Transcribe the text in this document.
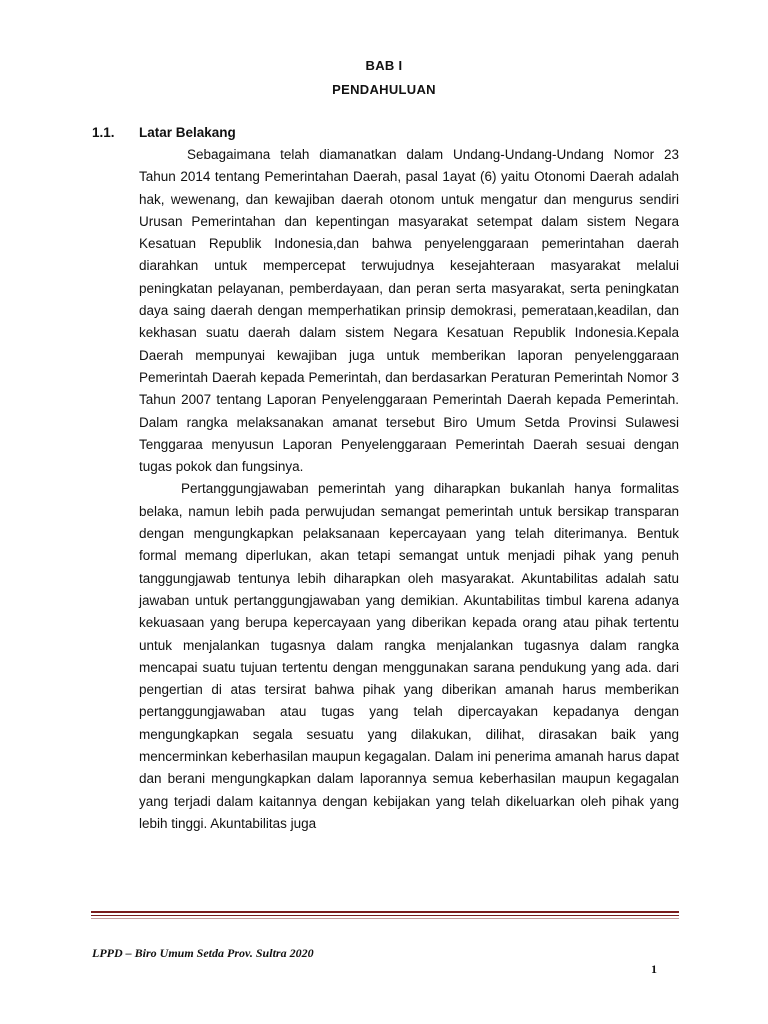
BAB I
PENDAHULUAN
1.1. Latar Belakang

Sebagaimana telah diamanatkan dalam Undang-Undang-Undang Nomor 23 Tahun 2014 tentang Pemerintahan Daerah, pasal 1ayat (6) yaitu Otonomi Daerah adalah hak, wewenang, dan kewajiban daerah otonom untuk mengatur dan mengurus sendiri Urusan Pemerintahan dan kepentingan masyarakat setempat dalam sistem Negara Kesatuan Republik Indonesia,dan bahwa penyelenggaraan pemerintahan daerah diarahkan untuk mempercepat terwujudnya kesejahteraan masyarakat melalui peningkatan pelayanan, pemberdayaan, dan peran serta masyarakat, serta peningkatan daya saing daerah dengan memperhatikan prinsip demokrasi, pemerataan,keadilan, dan kekhasan suatu daerah dalam sistem Negara Kesatuan Republik Indonesia.Kepala Daerah mempunyai kewajiban juga untuk memberikan laporan penyelenggaraan Pemerintah Daerah kepada Pemerintah, dan berdasarkan Peraturan Pemerintah Nomor 3 Tahun 2007 tentang Laporan Penyelenggaraan Pemerintah Daerah kepada Pemerintah. Dalam rangka melaksanakan amanat tersebut Biro Umum Setda Provinsi Sulawesi Tenggaraa menyusun Laporan Penyelenggaraan Pemerintah Daerah sesuai dengan tugas pokok dan fungsinya.

Pertanggungjawaban pemerintah yang diharapkan bukanlah hanya formalitas belaka, namun lebih pada perwujudan semangat pemerintah untuk bersikap transparan dengan mengungkapkan pelaksanaan kepercayaan yang telah diterimanya. Bentuk formal memang diperlukan, akan tetapi semangat untuk menjadi pihak yang penuh tanggungjawab tentunya lebih diharapkan oleh masyarakat. Akuntabilitas adalah satu jawaban untuk pertanggungjawaban yang demikian. Akuntabilitas timbul karena adanya kekuasaan yang berupa kepercayaan yang diberikan kepada orang atau pihak tertentu untuk menjalankan tugasnya dalam rangka menjalankan tugasnya dalam rangka mencapai suatu tujuan tertentu dengan menggunakan sarana pendukung yang ada. dari pengertian di atas tersirat bahwa pihak yang diberikan amanah harus memberikan pertanggungjawaban atau tugas yang telah dipercayakan kepadanya dengan mengungkapkan segala sesuatu yang dilakukan, dilihat, dirasakan baik yang mencerminkan keberhasilan maupun kegagalan. Dalam ini penerima amanah harus dapat dan berani mengungkapkan dalam laporannya semua keberhasilan maupun kegagalan yang terjadi dalam kaitannya dengan kebijakan yang telah dikeluarkan oleh pihak yang lebih tinggi. Akuntabilitas juga

LPPD – Biro Umum Setda Prov. Sultra 2020
1
